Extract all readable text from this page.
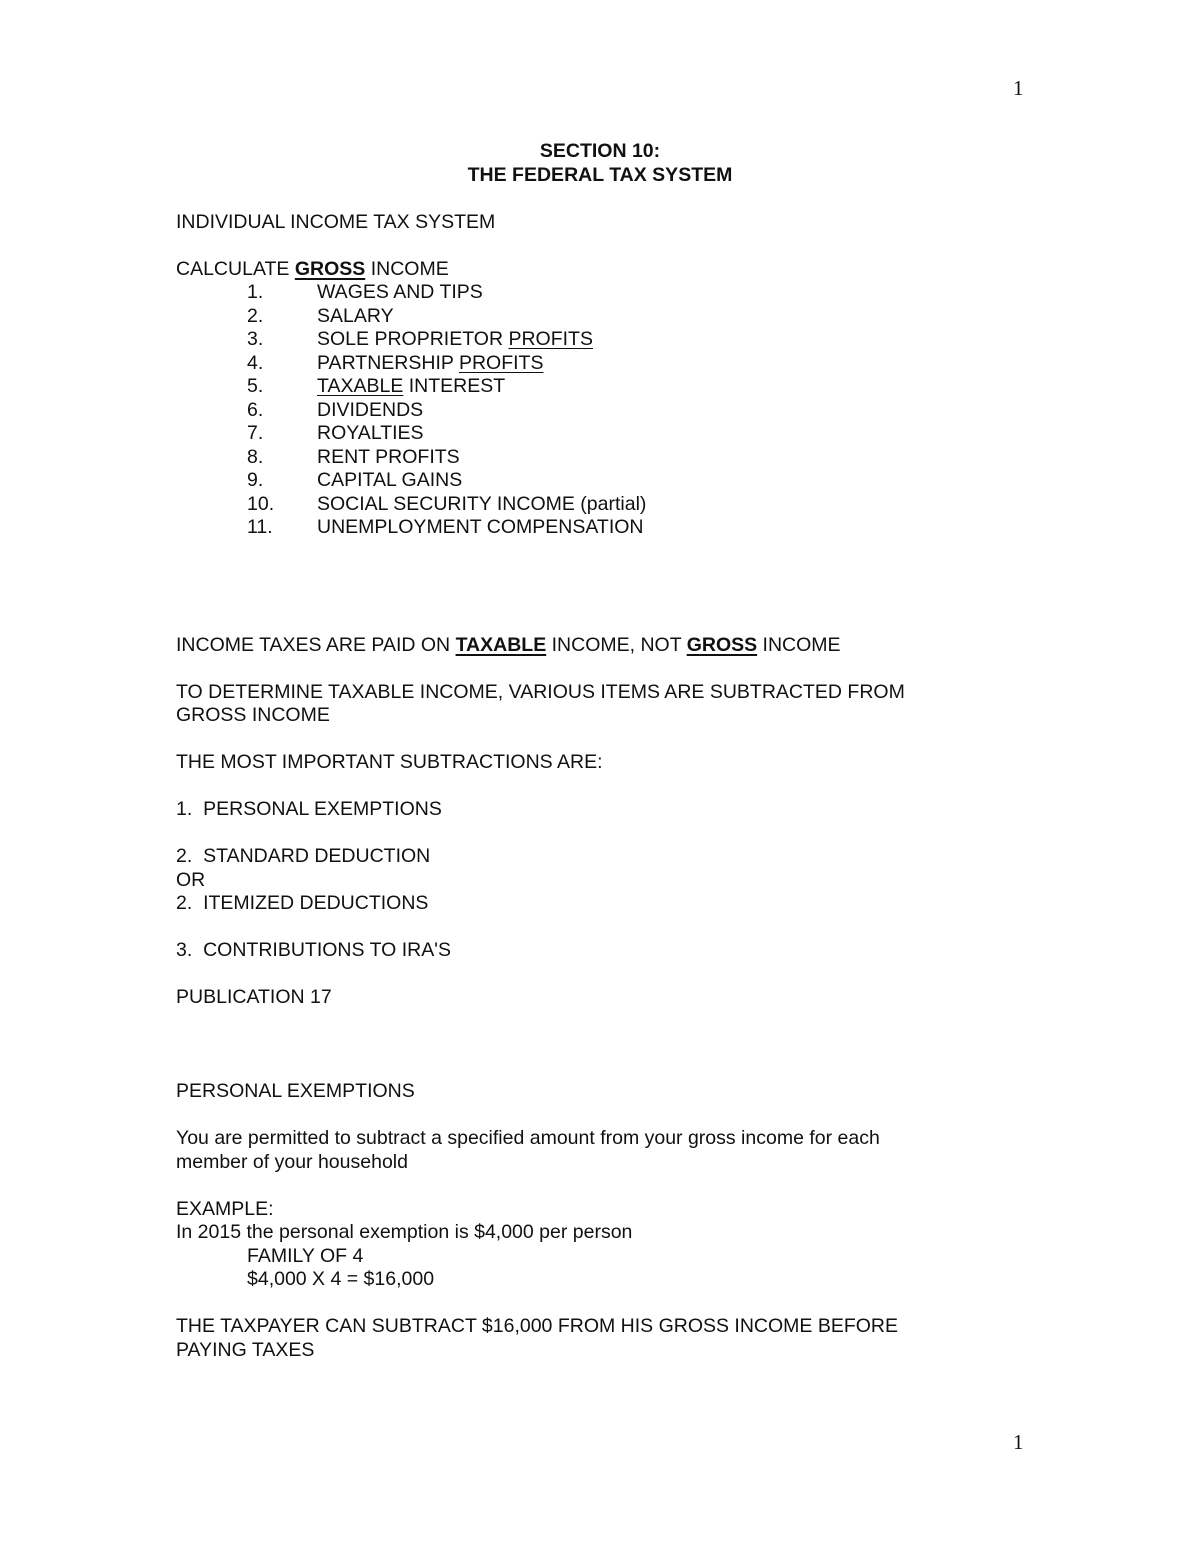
1
SECTION 10:
THE FEDERAL TAX SYSTEM
INDIVIDUAL INCOME TAX SYSTEM
CALCULATE GROSS INCOME
1.	WAGES AND TIPS
2.	SALARY
3.	SOLE PROPRIETOR PROFITS
4.	PARTNERSHIP PROFITS
5.	TAXABLE INTEREST
6.	DIVIDENDS
7.	ROYALTIES
8.	RENT PROFITS
9.	CAPITAL GAINS
10. SOCIAL SECURITY INCOME (partial)
11. UNEMPLOYMENT COMPENSATION
INCOME TAXES ARE PAID ON TAXABLE INCOME, NOT GROSS INCOME
TO DETERMINE TAXABLE INCOME, VARIOUS ITEMS ARE SUBTRACTED FROM
GROSS INCOME
THE MOST IMPORTANT SUBTRACTIONS ARE:
1.  PERSONAL EXEMPTIONS
2.  STANDARD DEDUCTION
OR
2.  ITEMIZED DEDUCTIONS
3.  CONTRIBUTIONS TO IRA'S
PUBLICATION 17
PERSONAL EXEMPTIONS
You are permitted to subtract a specified amount from your gross income for each
member of your household
EXAMPLE:
In 2015 the personal exemption is $4,000 per person
FAMILY OF 4
$4,000 X 4 = $16,000
THE TAXPAYER CAN SUBTRACT $16,000 FROM HIS GROSS INCOME BEFORE
PAYING TAXES
1
